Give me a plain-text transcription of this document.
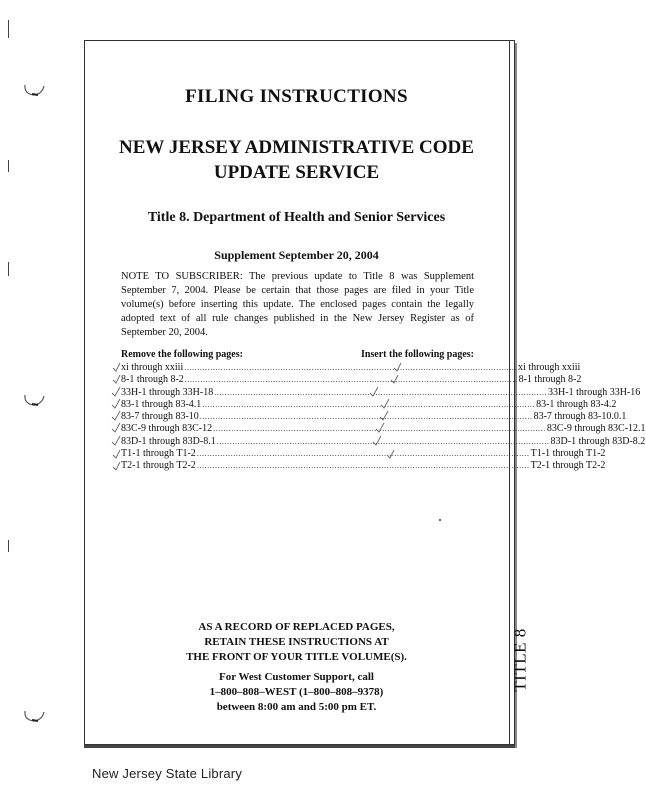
TITLE 8
FILING INSTRUCTIONS
NEW JERSEY ADMINISTRATIVE CODE
UPDATE SERVICE
Title 8. Department of Health and Senior Services
Supplement September 20, 2004
NOTE TO SUBSCRIBER: The previous update to Title 8 was Supplement September 7, 2004. Please be certain that those pages are filed in your Title volume(s) before inserting this update. The enclosed pages contain the legally adopted text of all rule changes published in the New Jersey Register as of September 20, 2004.
Remove the following pages:	Insert the following pages:
xi through xxiii ................................................................................................................................ xi through xxiii
8-1 through 8-2 ................................................................................................................................ 8-1 through 8-2
33H-1 through 33H-18 ................................................................................................................................ 33H-1 through 33H-16
83-1 through 83-4.1 ................................................................................................................................ 83-1 through 83-4.2
83-7 through 83-10 ................................................................................................................................ 83-7 through 83-10.0.1
83C-9 through 83C-12 ................................................................................................................................ 83C-9 through 83C-12.1
83D-1 through 83D-8.1 ................................................................................................................................ 83D-1 through 83D-8.2
T1-1 through T1-2 ................................................................................................................................ T1-1 through T1-2
T2-1 through T2-2 ................................................................................................................................ T2-1 through T2-2
AS A RECORD OF REPLACED PAGES,
RETAIN THESE INSTRUCTIONS AT
THE FRONT OF YOUR TITLE VOLUME(S).
For West Customer Support, call
1–800–808–WEST (1–800–808–9378)
between 8:00 am and 5:00 pm ET.
New Jersey State Library
